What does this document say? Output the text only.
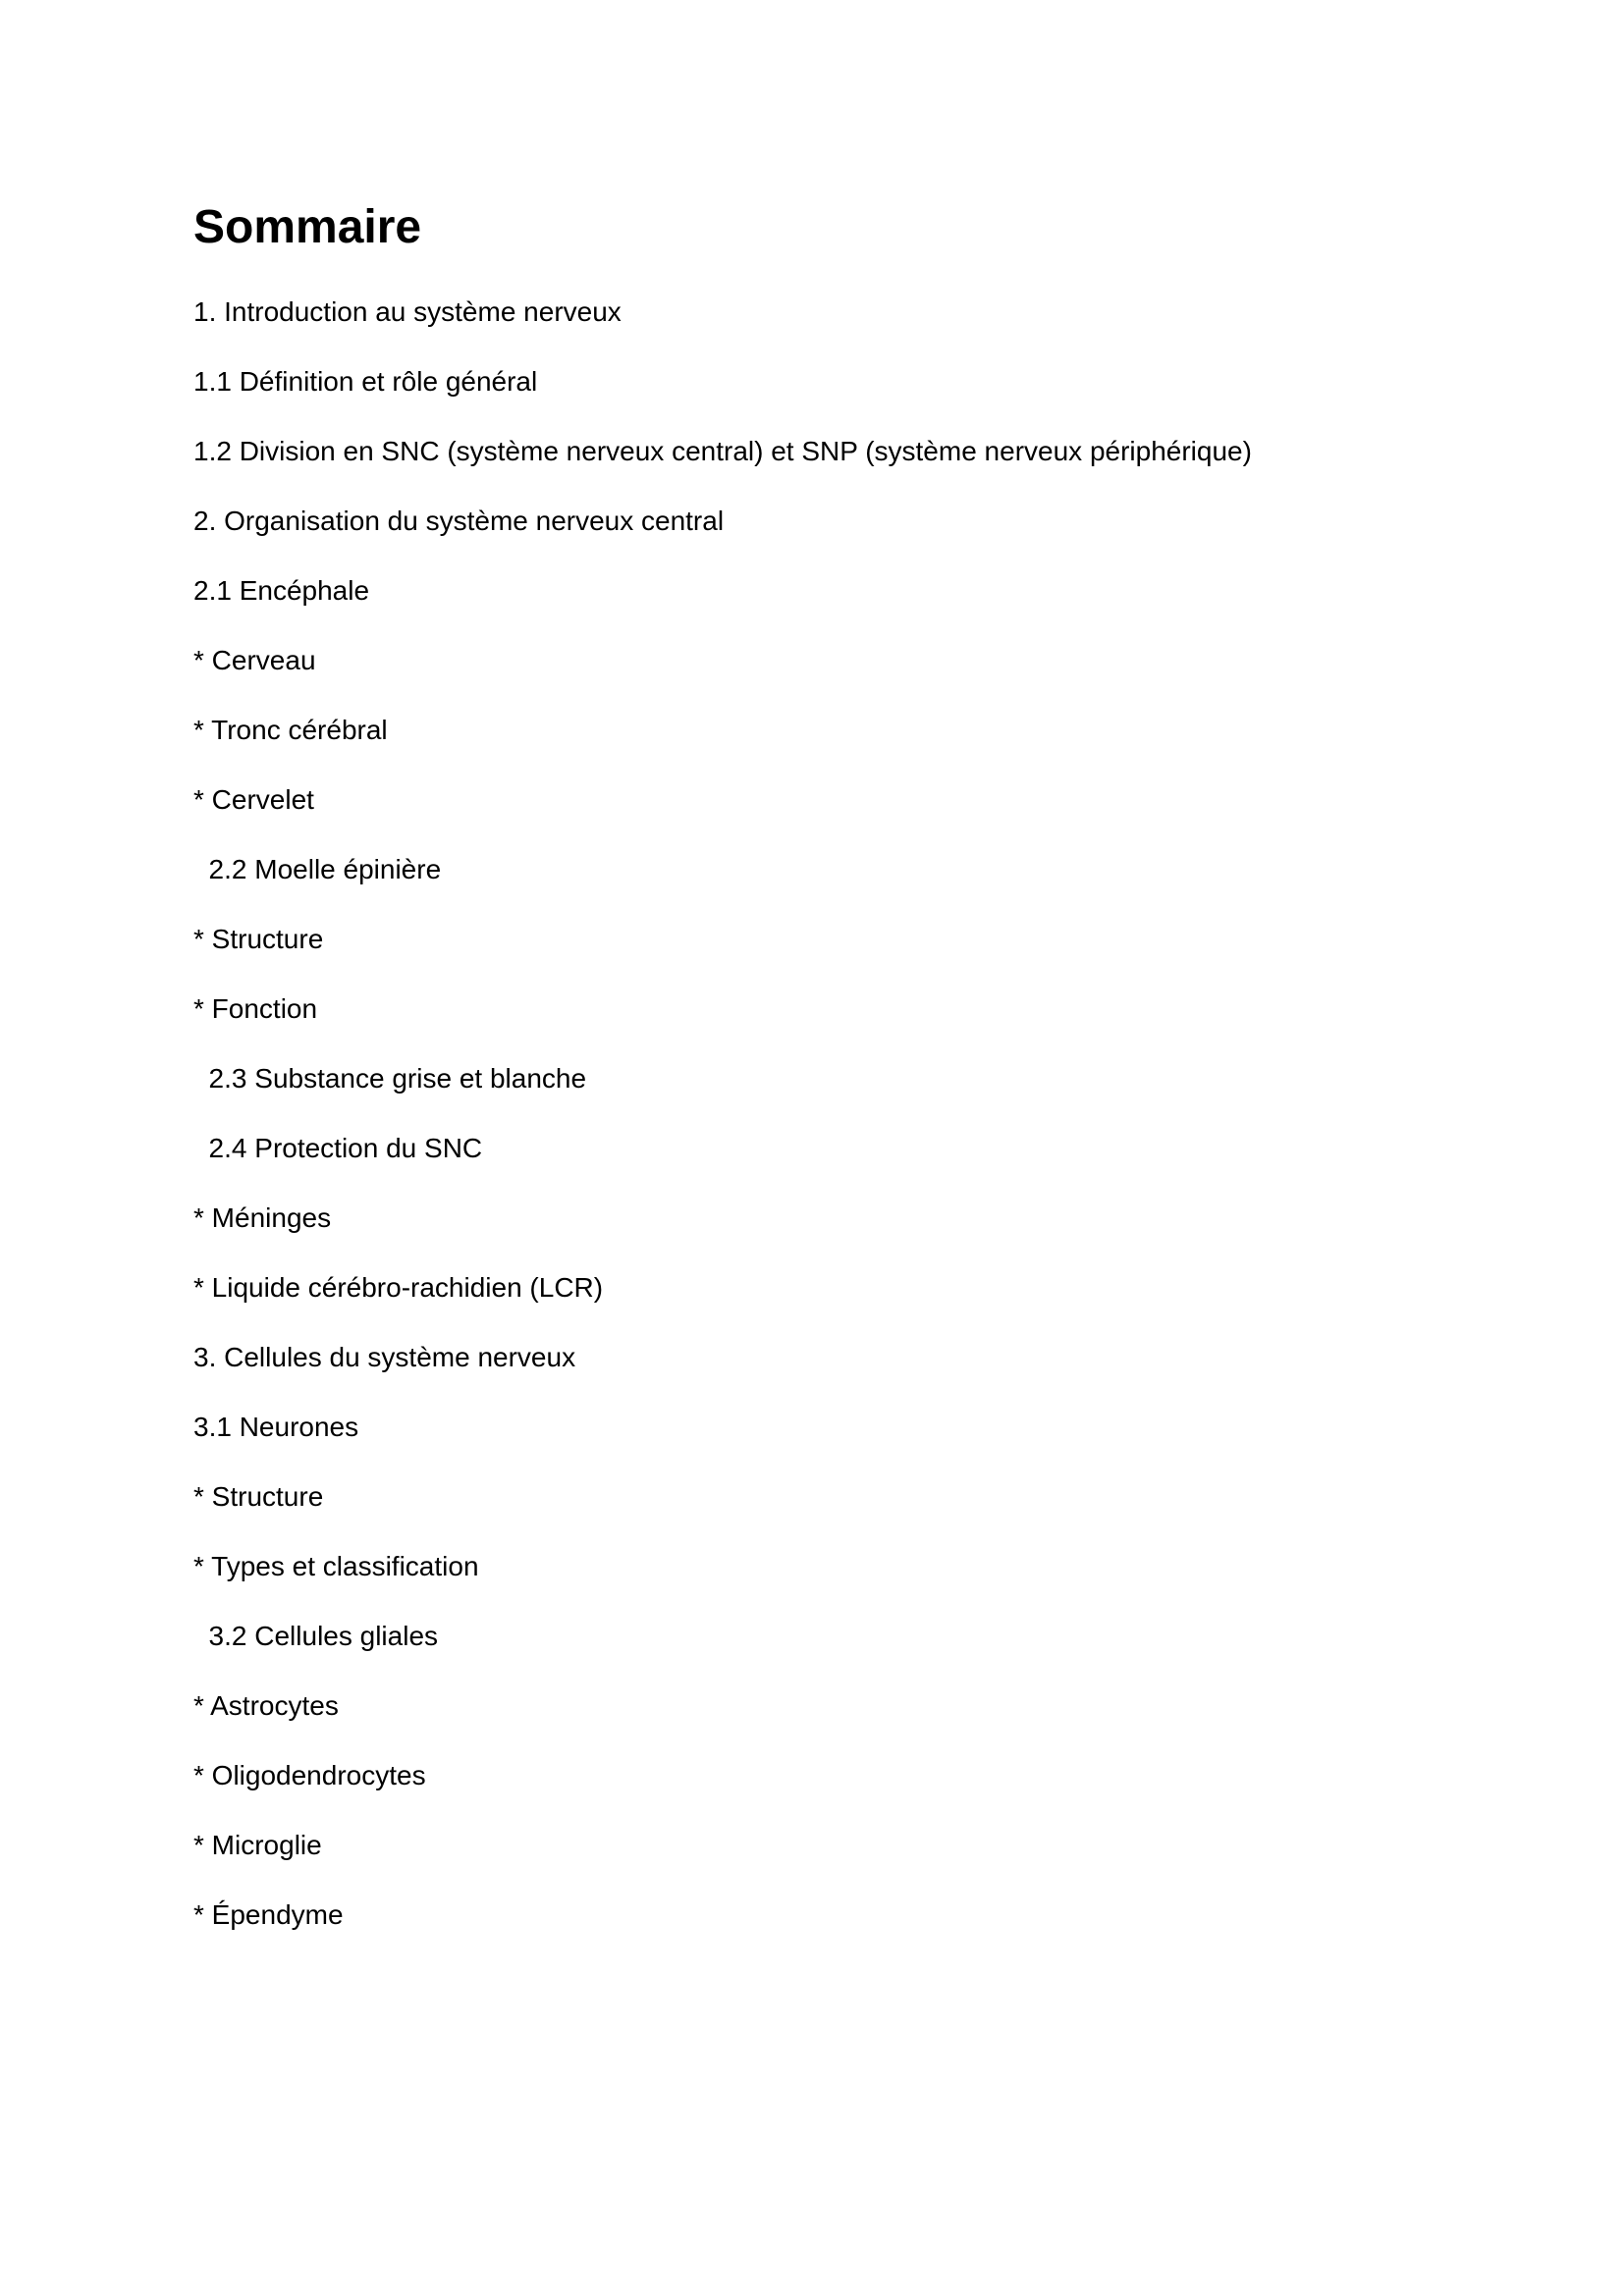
Sommaire
1. Introduction au système nerveux
1.1 Définition et rôle général
1.2 Division en SNC (système nerveux central) et SNP (système nerveux périphérique)
2. Organisation du système nerveux central
2.1 Encéphale
* Cerveau
* Tronc cérébral
* Cervelet
2.2 Moelle épinière
* Structure
* Fonction
2.3 Substance grise et blanche
2.4 Protection du SNC
* Méninges
* Liquide cérébro‐rachidien (LCR)
3. Cellules du système nerveux
3.1 Neurones
* Structure
* Types et classification
3.2 Cellules gliales
* Astrocytes
* Oligodendrocytes
* Microglie
* Épendyme
